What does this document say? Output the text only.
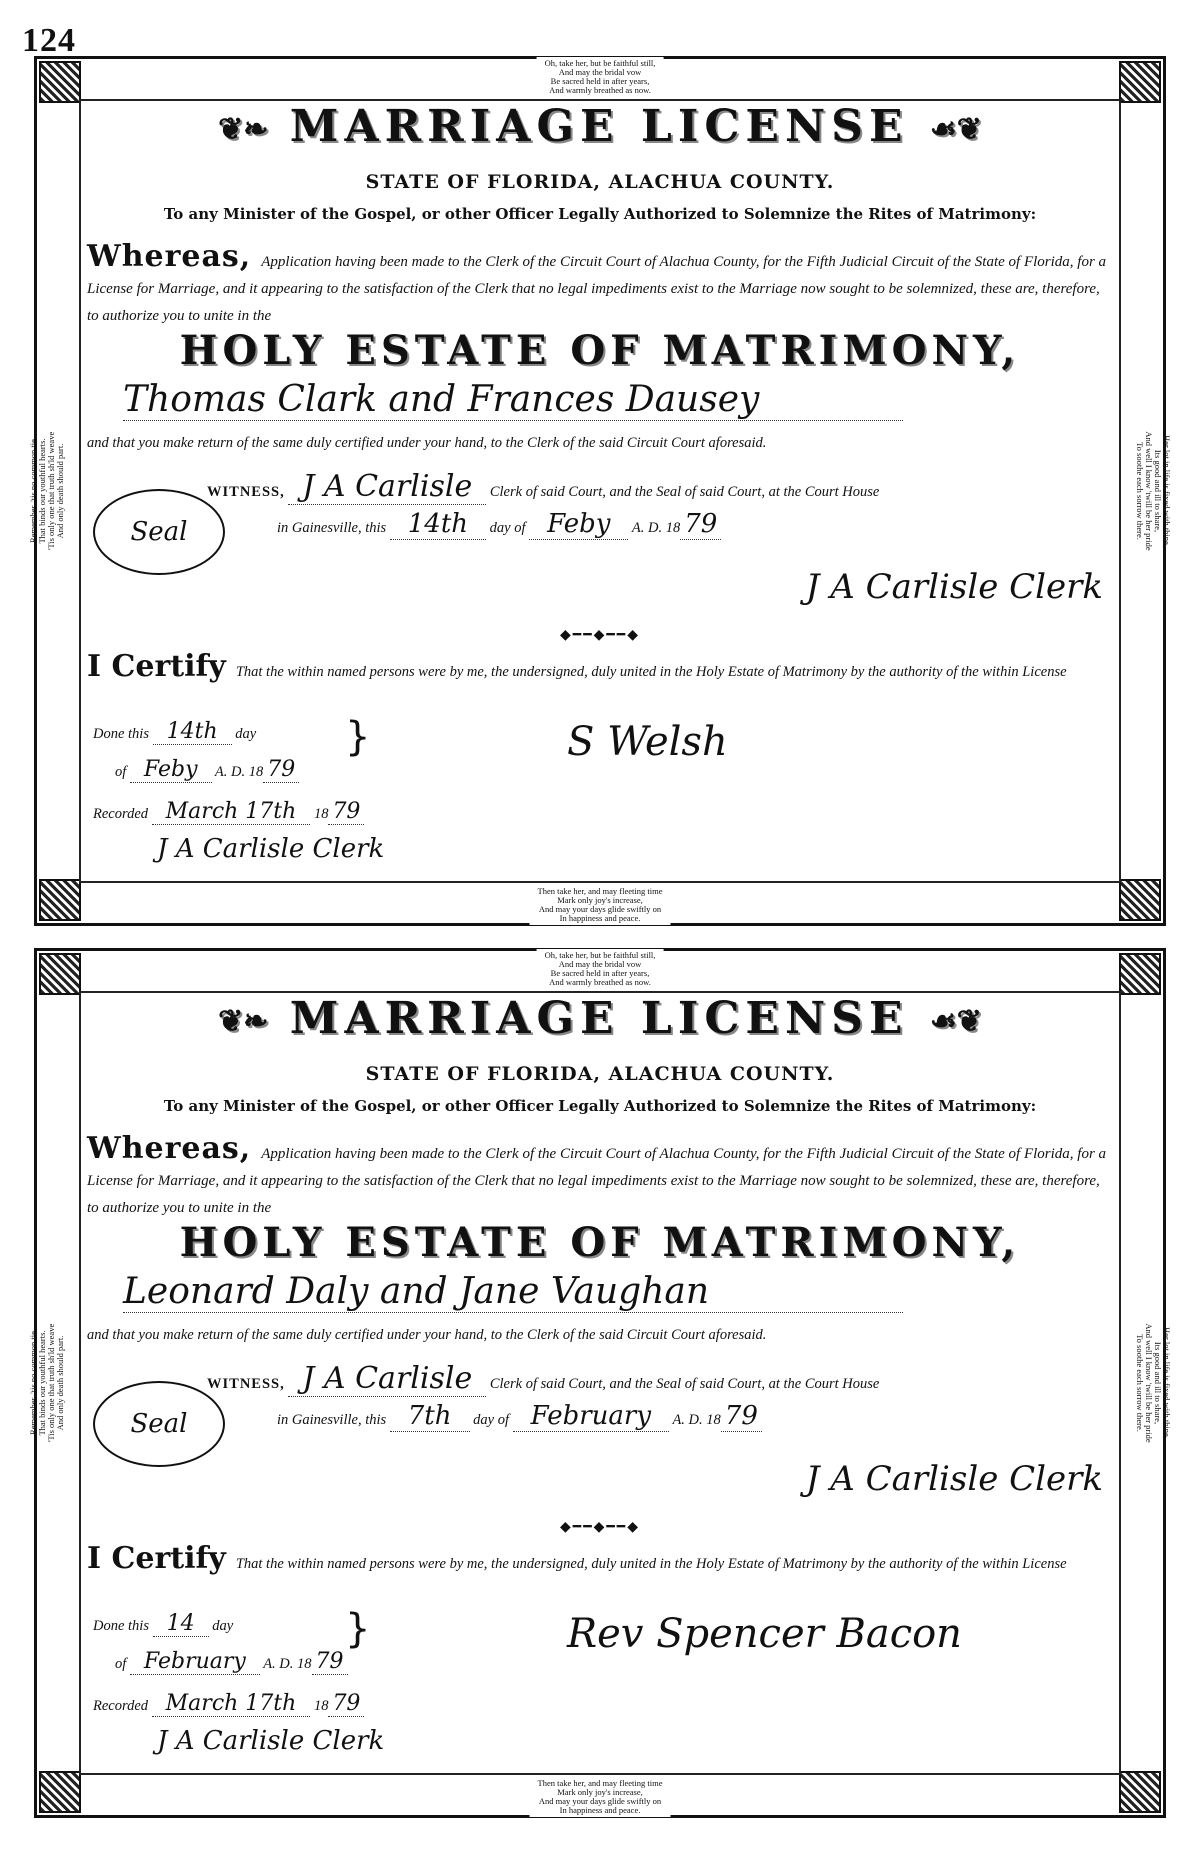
124
Oh, take her, but be faithful still,
And may the bridal vow
Be sacred held in after years,
And warmly breathed as now.
Then take her, and may fleeting time
Mark only joy's increase,
And may your days glide swiftly on
In happiness and peace.
Remember, 'tis no common tie That binds our youthful hearts. 'Tis only one that truth sh'ld weave And only death should part.	Her lot in life is fixed with thine,
Its good and ill to share,
And well I know 'twill be her pride
To soothe each sorrow there.
❦❧ MARRIAGE LICENSE ☙❦
STATE OF FLORIDA, ALACHUA COUNTY.
To any Minister of the Gospel, or other Officer Legally Authorized to Solemnize the Rites of Matrimony:
Whereas, Application having been made to the Clerk of the Circuit Court of Alachua County, for the Fifth Judicial Circuit of the State of Florida, for a License for Marriage, and it appearing to the satisfaction of the Clerk that no legal impediments exist to the Marriage now sought to be solemnized, these are, therefore, to authorize you to unite in the
HOLY ESTATE OF MATRIMONY,
Thomas Clark and Frances Dausey
and that you make return of the same duly certified under your hand, to the Clerk of the said Circuit Court aforesaid.
WITNESS, J A Carlisle Clerk of said Court, and the Seal of said Court, at the Court House
in Gainesville, this 14th day of Feby A. D. 18 79
Seal
J A Carlisle Clerk
◆━━◆━━◆
I Certify That the within named persons were by me, the undersigned, duly united in the Holy Estate of Matrimony by the authority of the within License
Done this 14th day
of Feby A. D. 18 79
}	S Welsh
Recorded March 17th 18 79
J A Carlisle Clerk
Oh, take her, but be faithful still,
And may the bridal vow
Be sacred held in after years,
And warmly breathed as now.
Then take her, and may fleeting time
Mark only joy's increase,
And may your days glide swiftly on
In happiness and peace.
Remember, 'tis no common tie That binds our youthful hearts. 'Tis only one that truth sh'ld weave And only death should part.	Her lot in life is fixed with thine,
Its good and ill to share,
And well I know 'twill be her pride
To soothe each sorrow there.
❦❧ MARRIAGE LICENSE ☙❦
STATE OF FLORIDA, ALACHUA COUNTY.
To any Minister of the Gospel, or other Officer Legally Authorized to Solemnize the Rites of Matrimony:
Whereas, Application having been made to the Clerk of the Circuit Court of Alachua County, for the Fifth Judicial Circuit of the State of Florida, for a License for Marriage, and it appearing to the satisfaction of the Clerk that no legal impediments exist to the Marriage now sought to be solemnized, these are, therefore, to authorize you to unite in the
HOLY ESTATE OF MATRIMONY,
Leonard Daly and Jane Vaughan
and that you make return of the same duly certified under your hand, to the Clerk of the said Circuit Court aforesaid.
WITNESS, J A Carlisle Clerk of said Court, and the Seal of said Court, at the Court House
in Gainesville, this 7th day of February A. D. 18 79
Seal
J A Carlisle Clerk
◆━━◆━━◆
I Certify That the within named persons were by me, the undersigned, duly united in the Holy Estate of Matrimony by the authority of the within License
Done this 14 day
of February A. D. 18 79
}	Rev Spencer Bacon
Recorded March 17th 18 79
J A Carlisle Clerk
